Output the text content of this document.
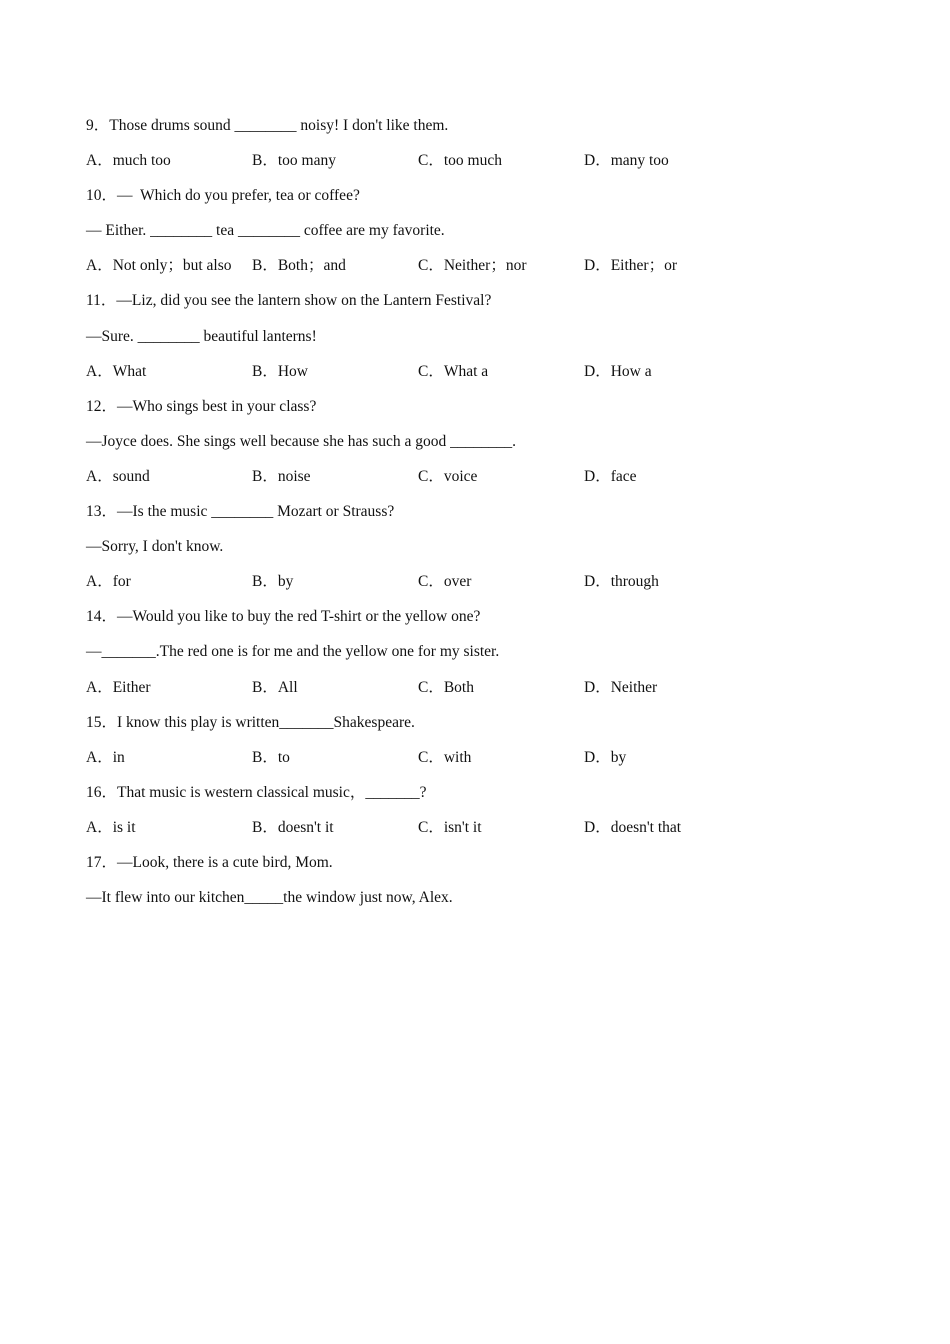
9．Those drums sound ________ noisy! I don't like them.
A．much too	B．too many	C．too much	D．many too
10．—  Which do you prefer, tea or coffee?
— Either. ________ tea ________ coffee are my favorite.
A．Not only；but also	B．Both；and	C．Neither；nor	D．Either；or
11．—Liz, did you see the lantern show on the Lantern Festival?
—Sure. ________ beautiful lanterns!
A．What	B．How	C．What a	D．How a
12．—Who sings best in your class?
—Joyce does. She sings well because she has such a good ________.
A．sound	B．noise	C．voice	D．face
13．—Is the music ________ Mozart or Strauss?
—Sorry, I don't know.
A．for	B．by	C．over	D．through
14．—Would you like to buy the red T-shirt or the yellow one?
—_______.The red one is for me and the yellow one for my sister.
A．Either	B．All	C．Both	D．Neither
15．I know this play is written_______Shakespeare.
A．in	B．to	C．with	D．by
16．That music is western classical music，_______?
A．is it	B．doesn't it	C．isn't it	D．doesn't that
17．—Look, there is a cute bird, Mom.
—It flew into our kitchen_____the window just now, Alex.
